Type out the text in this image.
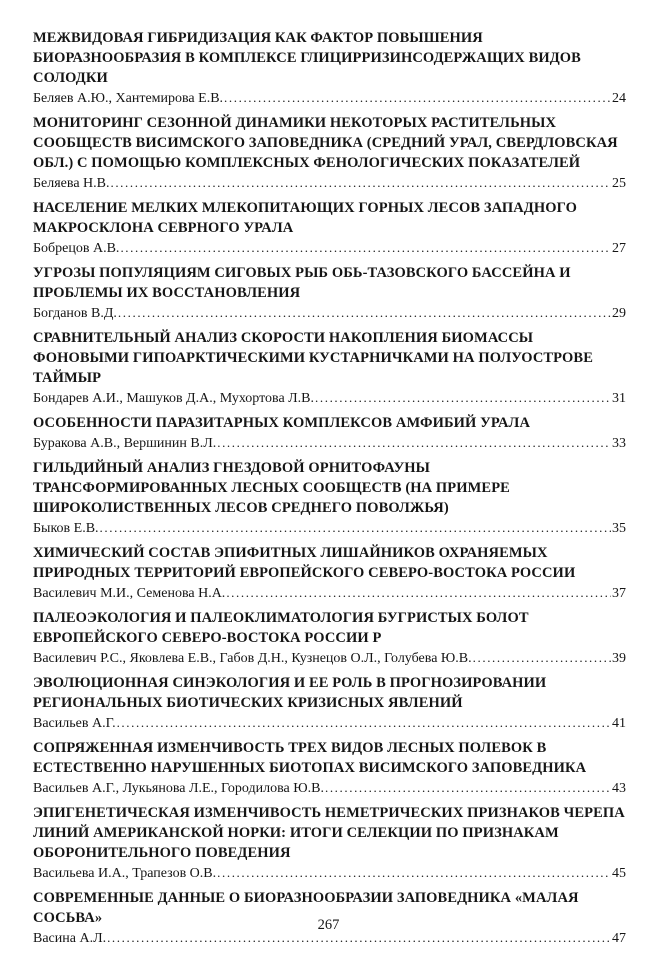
МЕЖВИДОВАЯ ГИБРИДИЗАЦИЯ КАК ФАКТОР ПОВЫШЕНИЯ БИОРАЗНООБРАЗИЯ В КОМПЛЕКСЕ ГЛИЦИРРИЗИНСОДЕРЖАЩИХ ВИДОВ СОЛОДКИ
Беляев А.Ю., Хантемирова Е.В. .....	24
МОНИТОРИНГ СЕЗОННОЙ ДИНАМИКИ НЕКОТОРЫХ РАСТИТЕЛЬНЫХ СООБЩЕСТВ ВИСИМСКОГО ЗАПОВЕДНИКА (СРЕДНИЙ УРАЛ, СВЕРДЛОВСКАЯ ОБЛ.) С ПОМОЩЬЮ КОМПЛЕКСНЫХ ФЕНОЛОГИЧЕСКИХ ПОКАЗАТЕЛЕЙ
Беляева Н.В. .....	25
НАСЕЛЕНИЕ МЕЛКИХ МЛЕКОПИТАЮЩИХ ГОРНЫХ ЛЕСОВ ЗАПАДНОГО МАКРОСКЛОНА СЕВРНОГО УРАЛА
Бобрецов А.В. .....	27
УГРОЗЫ ПОПУЛЯЦИЯМ СИГОВЫХ РЫБ ОБЬ-ТАЗОВСКОГО БАССЕЙНА И ПРОБЛЕМЫ ИХ ВОССТАНОВЛЕНИЯ
Богданов В.Д. .....	29
СРАВНИТЕЛЬНЫЙ АНАЛИЗ СКОРОСТИ НАКОПЛЕНИЯ БИОМАССЫ ФОНОВЫМИ ГИПОАРКТИЧЕСКИМИ КУСТАРНИЧКАМИ НА ПОЛУОСТРОВЕ ТАЙМЫР
Бондарев А.И., Машуков Д.А., Мухортова Л.В. .....	31
ОСОБЕННОСТИ ПАРАЗИТАРНЫХ КОМПЛЕКСОВ АМФИБИЙ УРАЛА
Буракова А.В., Вершинин В.Л. .....	33
ГИЛЬДИЙНЫЙ АНАЛИЗ ГНЕЗДОВОЙ ОРНИТОФАУНЫ ТРАНСФОРМИРОВАННЫХ ЛЕСНЫХ СООБЩЕСТВ (НА ПРИМЕРЕ ШИРОКОЛИСТВЕННЫХ ЛЕСОВ СРЕДНЕГО ПОВОЛЖЬЯ)
Быков Е.В. .....	35
ХИМИЧЕСКИЙ СОСТАВ ЭПИФИТНЫХ ЛИШАЙНИКОВ ОХРАНЯЕМЫХ ПРИРОДНЫХ ТЕРРИТОРИЙ ЕВРОПЕЙСКОГО СЕВЕРО-ВОСТОКА РОССИИ
Василевич М.И., Семенова Н.А. .....	37
ПАЛЕОЭКОЛОГИЯ И ПАЛЕОКЛИМАТОЛОГИЯ БУГРИСТЫХ БОЛОТ ЕВРОПЕЙСКОГО СЕВЕРО-ВОСТОКА РОССИИ Р
Василевич Р.С., Яковлева Е.В., Габов Д.Н., Кузнецов О.Л., Голубева Ю.В. .....	39
ЭВОЛЮЦИОННАЯ СИНЭКОЛОГИЯ И ЕЕ РОЛЬ В ПРОГНОЗИРОВАНИИ РЕГИОНАЛЬНЫХ БИОТИЧЕСКИХ КРИЗИСНЫХ ЯВЛЕНИЙ
Васильев А.Г. .....	41
СОПРЯЖЕННАЯ ИЗМЕНЧИВОСТЬ ТРЕХ ВИДОВ ЛЕСНЫХ ПОЛЕВОК В ЕСТЕСТВЕННО НАРУШЕННЫХ БИОТОПАХ ВИСИМСКОГО ЗАПОВЕДНИКА
Васильев А.Г., Лукьянова Л.Е., Городилова Ю.В. .....	43
ЭПИГЕНЕТИЧЕСКАЯ ИЗМЕНЧИВОСТЬ НЕМЕТРИЧЕСКИХ ПРИЗНАКОВ ЧЕРЕПА ЛИНИЙ АМЕРИКАНСКОЙ НОРКИ: ИТОГИ СЕЛЕКЦИИ ПО ПРИЗНАКАМ ОБОРОНИТЕЛЬНОГО ПОВЕДЕНИЯ
Васильева И.А., Трапезов О.В. .....	45
СОВРЕМЕННЫЕ ДАННЫЕ О БИОРАЗНООБРАЗИИ ЗАПОВЕДНИКА «МАЛАЯ СОСЬВА»
Васина А.Л. .....	47
267
